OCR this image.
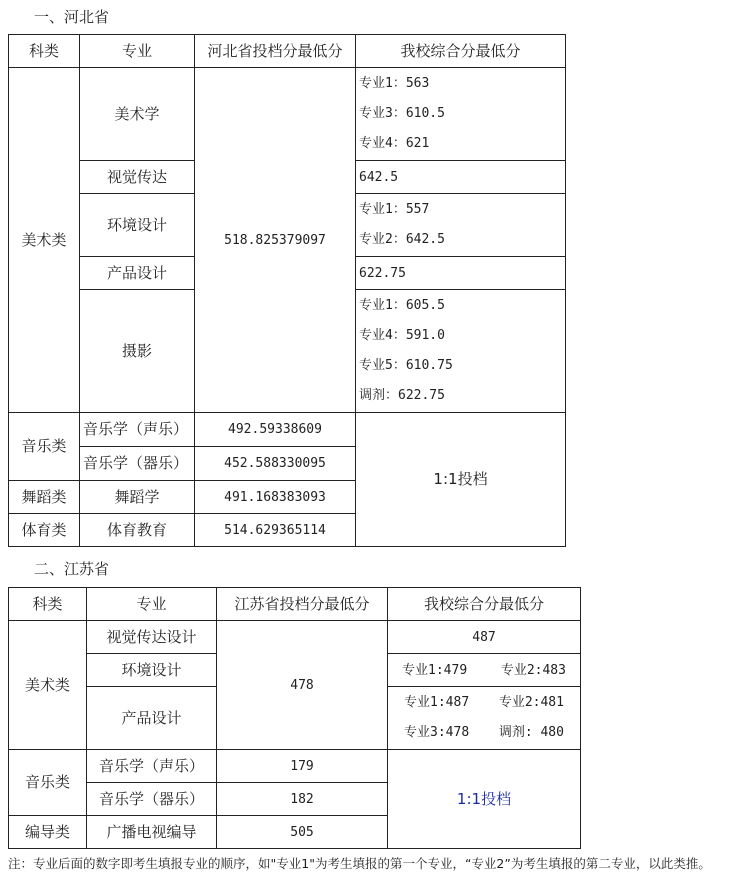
一、河北省
科类	专业	河北省投档分最低分	我校综合分最低分
美术类	美术学	518.825379097	专业1：563
专业3：610.5
专业4：621

	视觉传达		642.5
	环境设计		专业1：557
专业2：642.5

	产品设计		622.75
	摄影		专业1：605.5
专业4：591.0
专业5：610.75
调剂：622.75

音乐类	音乐学（声乐）	492.59338609	1:1投档
	音乐学（器乐）	452.588330095	
舞蹈类	舞蹈学	491.168383093	
体育类	体育教育	514.629365114	
二、江苏省
科类	专业	江苏省投档分最低分	我校综合分最低分
美术类	视觉传达设计	478	487
	环境设计		专业1:479 专业2:483
	产品设计		专业1:487 专业2:481 专业3:478 调剂: 480
音乐类	音乐学（声乐）	179	1:1投档
	音乐学（器乐）	182	
编导类	广播电视编导	505	
注：专业后面的数字即考生填报专业的顺序，如"专业1"为考生填报的第一个专业，“专业2”为考生填报的第二专业，以此类推。
